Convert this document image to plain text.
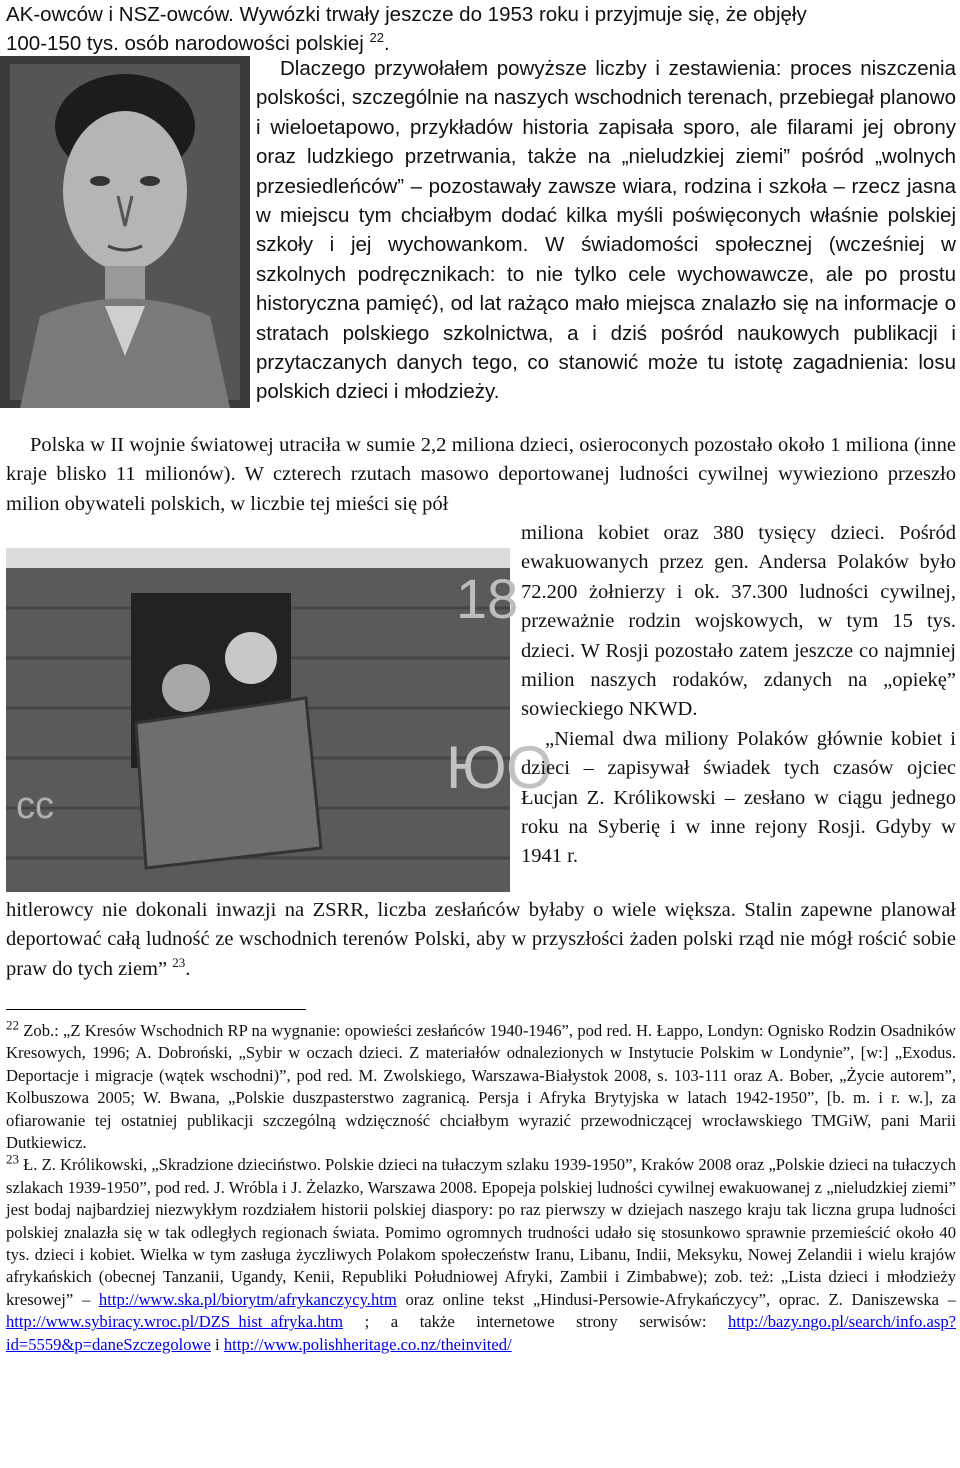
AK-owców i NSZ-owców. Wywózki trwały jeszcze do 1953 roku i przyjmuje się, że objęły

100-150 tys. osób narodowości polskiej $^{22}$.

Dlaczego przywołałem powyższe liczby i zestawienia: proces niszczenia polskości, szczególnie na naszych wschodnich terenach, przebiegał planowo i wieloetapowo, przykładów historia zapisała sporo, ale filarami jej obrony oraz ludzkiego przetrwania, także na „nieludzkiej ziemi” pośród „wolnych przesiedleńców” – pozostawały zawsze wiara, rodzina i szkoła – rzecz jasna w miejscu tym chciałbym dodać kilka myśli poświęconych właśnie polskiej szkoły i jej wychowankom. W świadomości społecznej (wcześniej w szkolnych podręcznikach: to nie tylko cele wychowawcze, ale po prostu historyczna pamięć), od lat rażąco mało miejsca znalazło się na informacje o stratach polskiego szkolnictwa, a i dziś pośród naukowych publikacji i przytaczanych danych tego, co stanowić może tu istotę zagadnienia: losu polskich dzieci i młodzieży.

Polska w II wojnie światowej utraciła w sumie 2,2 miliona dzieci, osieroconych pozostało około 1 miliona (inne kraje blisko 11 milionów). W czterech rzutach masowo deportowanej ludności cywilnej wywieziono przeszło milion obywateli polskich, w liczbie tej mieści się pół

18
ЮО
cc

miliona kobiet oraz 380 tysięcy dzieci. Pośród ewakuowanych przez gen. Andersa Polaków było 72.200 żołnierzy i ok. 37.300 ludności cywilnej, przeważnie rodzin wojskowych, w tym 15 tys. dzieci. W Rosji pozostało zatem jeszcze co najmniej milion naszych rodaków, zdanych na „opiekę” sowieckiego NKWD.

„Niemal dwa miliony Polaków głównie kobiet i dzieci – zapisywał świadek tych czasów ojciec Łucjan Z. Królikowski – zesłano w ciągu jednego roku na Syberię i w inne rejony Rosji. Gdyby w 1941 r.

hitlerowcy nie dokonali inwazji na ZSRR, liczba zesłańców byłaby o wiele większa. Stalin zapewne planował deportować całą ludność ze wschodnich terenów Polski, aby w przyszłości żaden polski rząd nie mógł rościć sobie praw do tych ziem” $^{23}$.

$^{22}$ Zob.: „Z Kresów Wschodnich RP na wygnanie: opowieści zesłańców 1940-1946”, pod red. H. Łappo, Londyn: Ognisko Rodzin Osadników Kresowych, 1996; A. Dobroński, „Sybir w oczach dzieci. Z materiałów odnalezionych w Instytucie Polskim w Londynie”, [w:] „Exodus. Deportacje i migracje (wątek wschodni)”, pod red. M. Zwolskiego, Warszawa-Białystok 2008, s. 103-111 oraz A. Bober, „Życie autorem”, Kolbuszowa 2005; W. Bwana, „Polskie duszpasterstwo zagranicą. Persja i Afryka Brytyjska w latach 1942-1950”, [b. m. i r. w.], za ofiarowanie tej ostatniej publikacji szczególną wdzięczność chciałbym wyrazić przewodniczącej wrocławskiego TMGiW, pani Marii Dutkiewicz.

$^{23}$ Ł. Z. Królikowski, „Skradzione dzieciństwo. Polskie dzieci na tułaczym szlaku 1939-1950”, Kraków 2008 oraz „Polskie dzieci na tułaczych szlakach 1939-1950”, pod red. J. Wróbla i J. Żelazko, Warszawa 2008. Epopeja polskiej ludności cywilnej ewakuowanej z „nieludzkiej ziemi” jest bodaj najbardziej niezwykłym rozdziałem historii polskiej diaspory: po raz pierwszy w dziejach naszego kraju tak liczna grupa ludności polskiej znalazła się w tak odległych regionach świata. Pomimo ogromnych trudności udało się stosunkowo sprawnie przemieścić około 40 tys. dzieci i kobiet. Wielka w tym zasługa życzliwych Polakom społeczeństw Iranu, Libanu, Indii, Meksyku, Nowej Zelandii i wielu krajów afrykańskich (obecnej Tanzanii, Ugandy, Kenii, Republiki Południowej Afryki, Zambii i Zimbabwe); zob. też: „Lista dzieci i młodzieży kresowej” – http://www.ska.pl/biorytm/afrykanczycy.htm oraz online tekst „Hindusi-Persowie-Afrykańczycy”, oprac. Z. Daniszewska – http://www.sybiracy.wroc.pl/DZS_hist_afryka.htm ; a także internetowe strony serwisów: http://bazy.ngo.pl/search/info.asp?id=5559&p=daneSzczegolowe i http://www.polishheritage.co.nz/theinvited/
